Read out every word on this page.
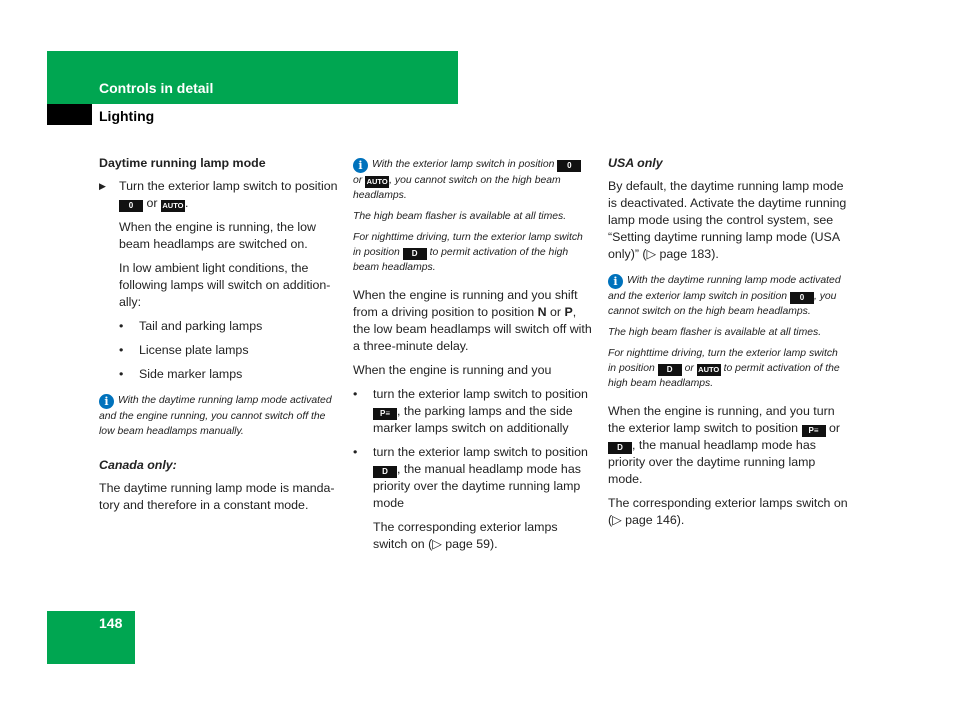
Controls in detail
Lighting
Daytime running lamp mode
▶ Turn the exterior lamp switch to position 0 or AUTO.

When the engine is running, the low beam headlamps are switched on.

In low ambient light conditions, the following lamps will switch on additionally:

• Tail and parking lamps
• License plate lamps
• Side marker lamps
i With the daytime running lamp mode activated and the engine running, you cannot switch off the low beam headlamps manually.
Canada only:

The daytime running lamp mode is mandatory and therefore in a constant mode.

i With the exterior lamp switch in position 0 or AUTO, you cannot switch on the high beam headlamps.
The high beam flasher is available at all times.
For nighttime driving, turn the exterior lamp switch in position D to permit activation of the high beam headlamps.

When the engine is running and you shift from a driving position to position N or P, the low beam headlamps will switch off with a three-minute delay.

When the engine is running and you

• turn the exterior lamp switch to position P≡ , the parking lamps and the side marker lamps switch on additionally
• turn the exterior lamp switch to position D , the manual headlamp mode has priority over the daytime running lamp mode

The corresponding exterior lamps switch on (▷ page 59).

USA only

By default, the daytime running lamp mode is deactivated. Activate the daytime running lamp mode using the control system, see “Setting daytime running lamp mode (USA only)” (▷ page 183).

i With the daytime running lamp mode activated and the exterior lamp switch in position 0 , you cannot switch on the high beam headlamps.
The high beam flasher is available at all times.
For nighttime driving, turn the exterior lamp switch in position D or AUTO to permit activation of the high beam headlamps.

When the engine is running, and you turn the exterior lamp switch to position P≡ or D , the manual headlamp mode has priority over the daytime running lamp mode.

The corresponding exterior lamps switch on (▷ page 146).

148
